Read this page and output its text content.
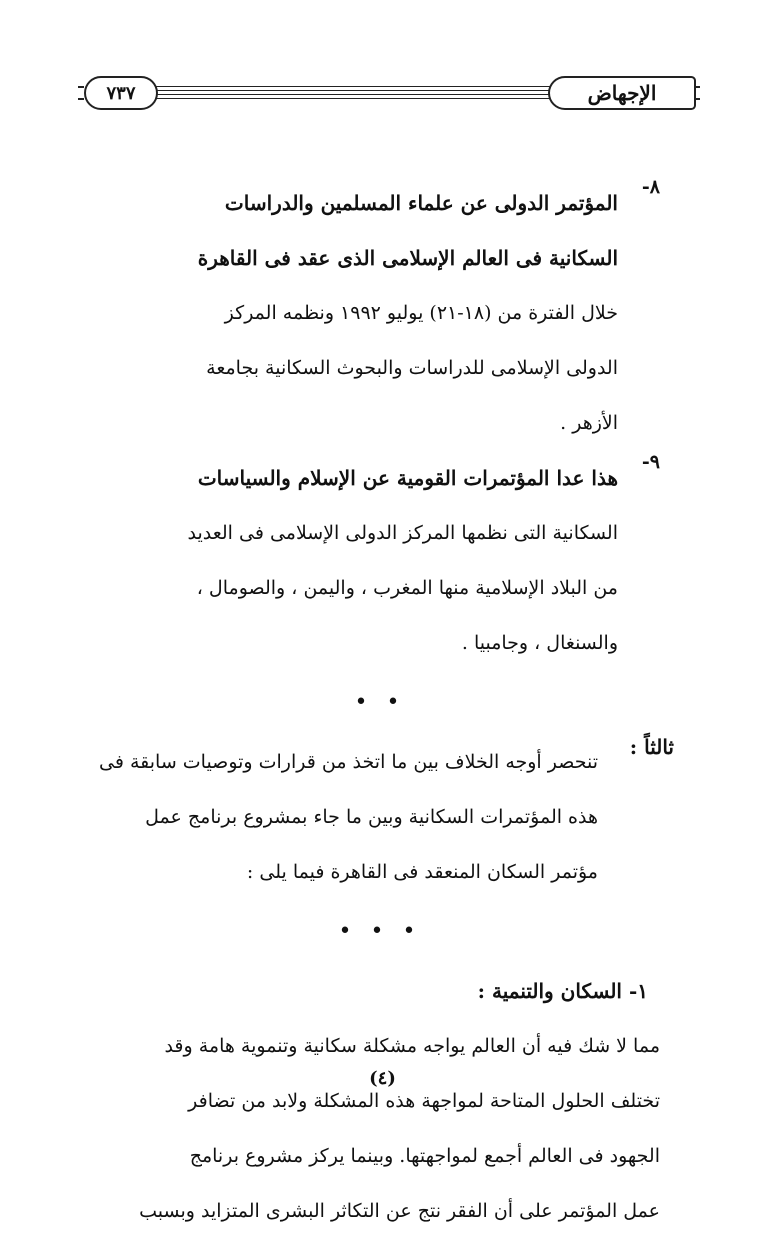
٧٣٧	الإجهاض
٨-

المؤتمر الدولى عن علماء المسلمين والدراسات

السكانية فى العالم الإسلامى الذى عقد فى القاهرة

خلال الفترة من (١٨-٢١) يوليو ١٩٩٢ ونظمه المركز

الدولى الإسلامى للدراسات والبحوث السكانية بجامعة

الأزهر .

٩-

هذا عدا المؤتمرات القومية عن الإسلام والسياسات

السكانية التى نظمها المركز الدولى الإسلامى فى العديد

من البلاد الإسلامية منها المغرب ، واليمن ، والصومال ،

والسنغال ، وجامبيا .

• •
ثالثاً :

تنحصر أوجه الخلاف بين ما اتخذ من قرارات وتوصيات سابقة فى

هذه المؤتمرات السكانية وبين ما جاء بمشروع برنامج عمل

مؤتمر السكان المنعقد فى القاهرة فيما يلى :

• • •
١- السكان والتنمية :

مما لا شك فيه أن العالم يواجه مشكلة سكانية وتنموية هامة وقد

تختلف الحلول المتاحة لمواجهة هذه المشكلة ولابد من تضافر

الجهود فى العالم أجمع لمواجهتها. وبينما يركز مشروع برنامج

عمل المؤتمر على أن الفقر نتج عن التكاثر البشرى المتزايد وبسبب

(٤)
